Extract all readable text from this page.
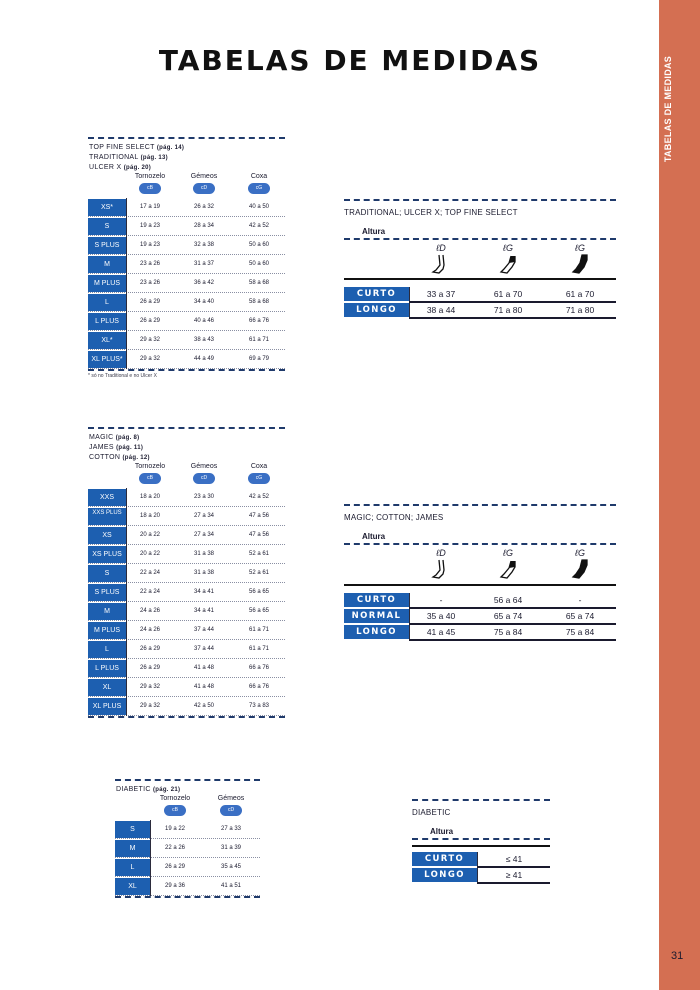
TABELAS DE MEDIDAS
31
TABELAS DE MEDIDAS
TOP FINE SELECT (pág. 14)
TRADITIONAL (pág. 13)
ULCER X (pág. 20)
Tornozelo	Gémeos	Coxa
cB	cD	cG
XS*	17 a 19	26 a 32	40 a 50
S	19 a 23	28 a 34	42 a 52
S PLUS	19 a 23	32 a 38	50 a 60
M	23 a 26	31 a 37	50 a 60
M PLUS	23 a 26	36 a 42	58 a 68
L	26 a 29	34 a 40	58 a 68
L PLUS	26 a 29	40 a 46	66 a 76
XL*	29 a 32	38 a 43	61 a 71
XL PLUS*	29 a 32	44 a 49	69 a 79
* só no Traditional e no Ulcer X
MAGIC (pág. 8)
JAMES (pág. 11)
COTTON (pág. 12)
Tornozelo	Gémeos	Coxa
cB	cD	cG
XXS	18 a 20	23 a 30	42 a 52
XXS PLUS	18 a 20	27 a 34	47 a 56
XS	20 a 22	27 a 34	47 a 56
XS PLUS	20 a 22	31 a 38	52 a 61
S	22 a 24	31 a 38	52 a 61
S PLUS	22 a 24	34 a 41	56 a 65
M	24 a 26	34 a 41	56 a 65
M PLUS	24 a 26	37 a 44	61 a 71
L	26 a 29	37 a 44	61 a 71
L PLUS	26 a 29	41 a 48	66 a 76
XL	29 a 32	41 a 48	66 a 76
XL PLUS	29 a 32	42 a 50	73 a 83
DIABETIC (pág. 21)
Tornozelo	Gémeos
cB	cD
S	19 a 22	27 a 33
M	22 a 26	31 a 39
L	26 a 29	35 a 45
XL	29 a 36	41 a 51
TRADITIONAL; ULCER X; TOP FINE SELECT
Altura
ℓD	ℓG	ℓG
CURTO	33 a 37	61 a 70	61 a 70
LONGO	38 a 44	71 a 80	71 a 80
MAGIC; COTTON; JAMES
Altura
ℓD	ℓG	ℓG
CURTO	-	56 a 64	-
NORMAL	35 a 40	65 a 74	65 a 74
LONGO	41 a 45	75 a 84	75 a 84
DIABETIC
Altura
CURTO	≤ 41
LONGO	≥ 41
